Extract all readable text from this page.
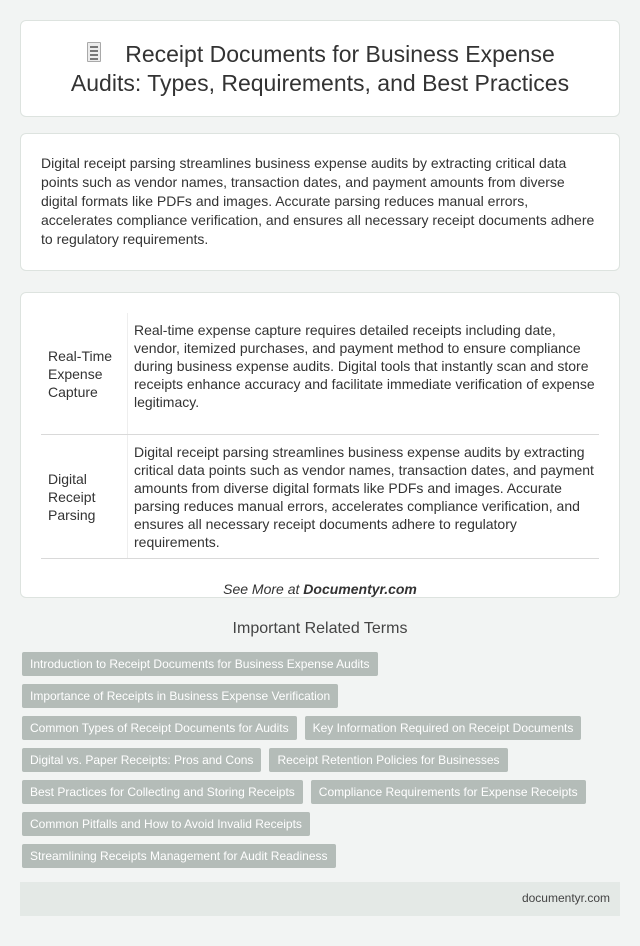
Receipt Documents for Business Expense
Audits: Types, Requirements, and Best Practices

Digital receipt parsing streamlines business expense audits by extracting critical data points such as vendor names, transaction dates, and payment amounts from diverse digital formats like PDFs and images. Accurate parsing reduces manual errors, accelerates compliance verification, and ensures all necessary receipt documents adhere to regulatory requirements.

Real-Time Expense Capture
Real-time expense capture requires detailed receipts including date, vendor, itemized purchases, and payment method to ensure compliance during business expense audits. Digital tools that instantly scan and store receipts enhance accuracy and facilitate immediate verification of expense legitimacy.
Digital Receipt Parsing
Digital receipt parsing streamlines business expense audits by extracting critical data points such as vendor names, transaction dates, and payment amounts from diverse digital formats like PDFs and images. Accurate parsing reduces manual errors, accelerates compliance verification, and ensures all necessary receipt documents adhere to regulatory requirements.

See More at Documentyr.com

Important Related Terms
Introduction to Receipt Documents for Business Expense Audits
Importance of Receipts in Business Expense Verification
Common Types of Receipt Documents for Audits	Key Information Required on Receipt Documents
Digital vs. Paper Receipts: Pros and Cons	Receipt Retention Policies for Businesses
Best Practices for Collecting and Storing Receipts	Compliance Requirements for Expense Receipts
Common Pitfalls and How to Avoid Invalid Receipts
Streamlining Receipts Management for Audit Readiness
documentyr.com
